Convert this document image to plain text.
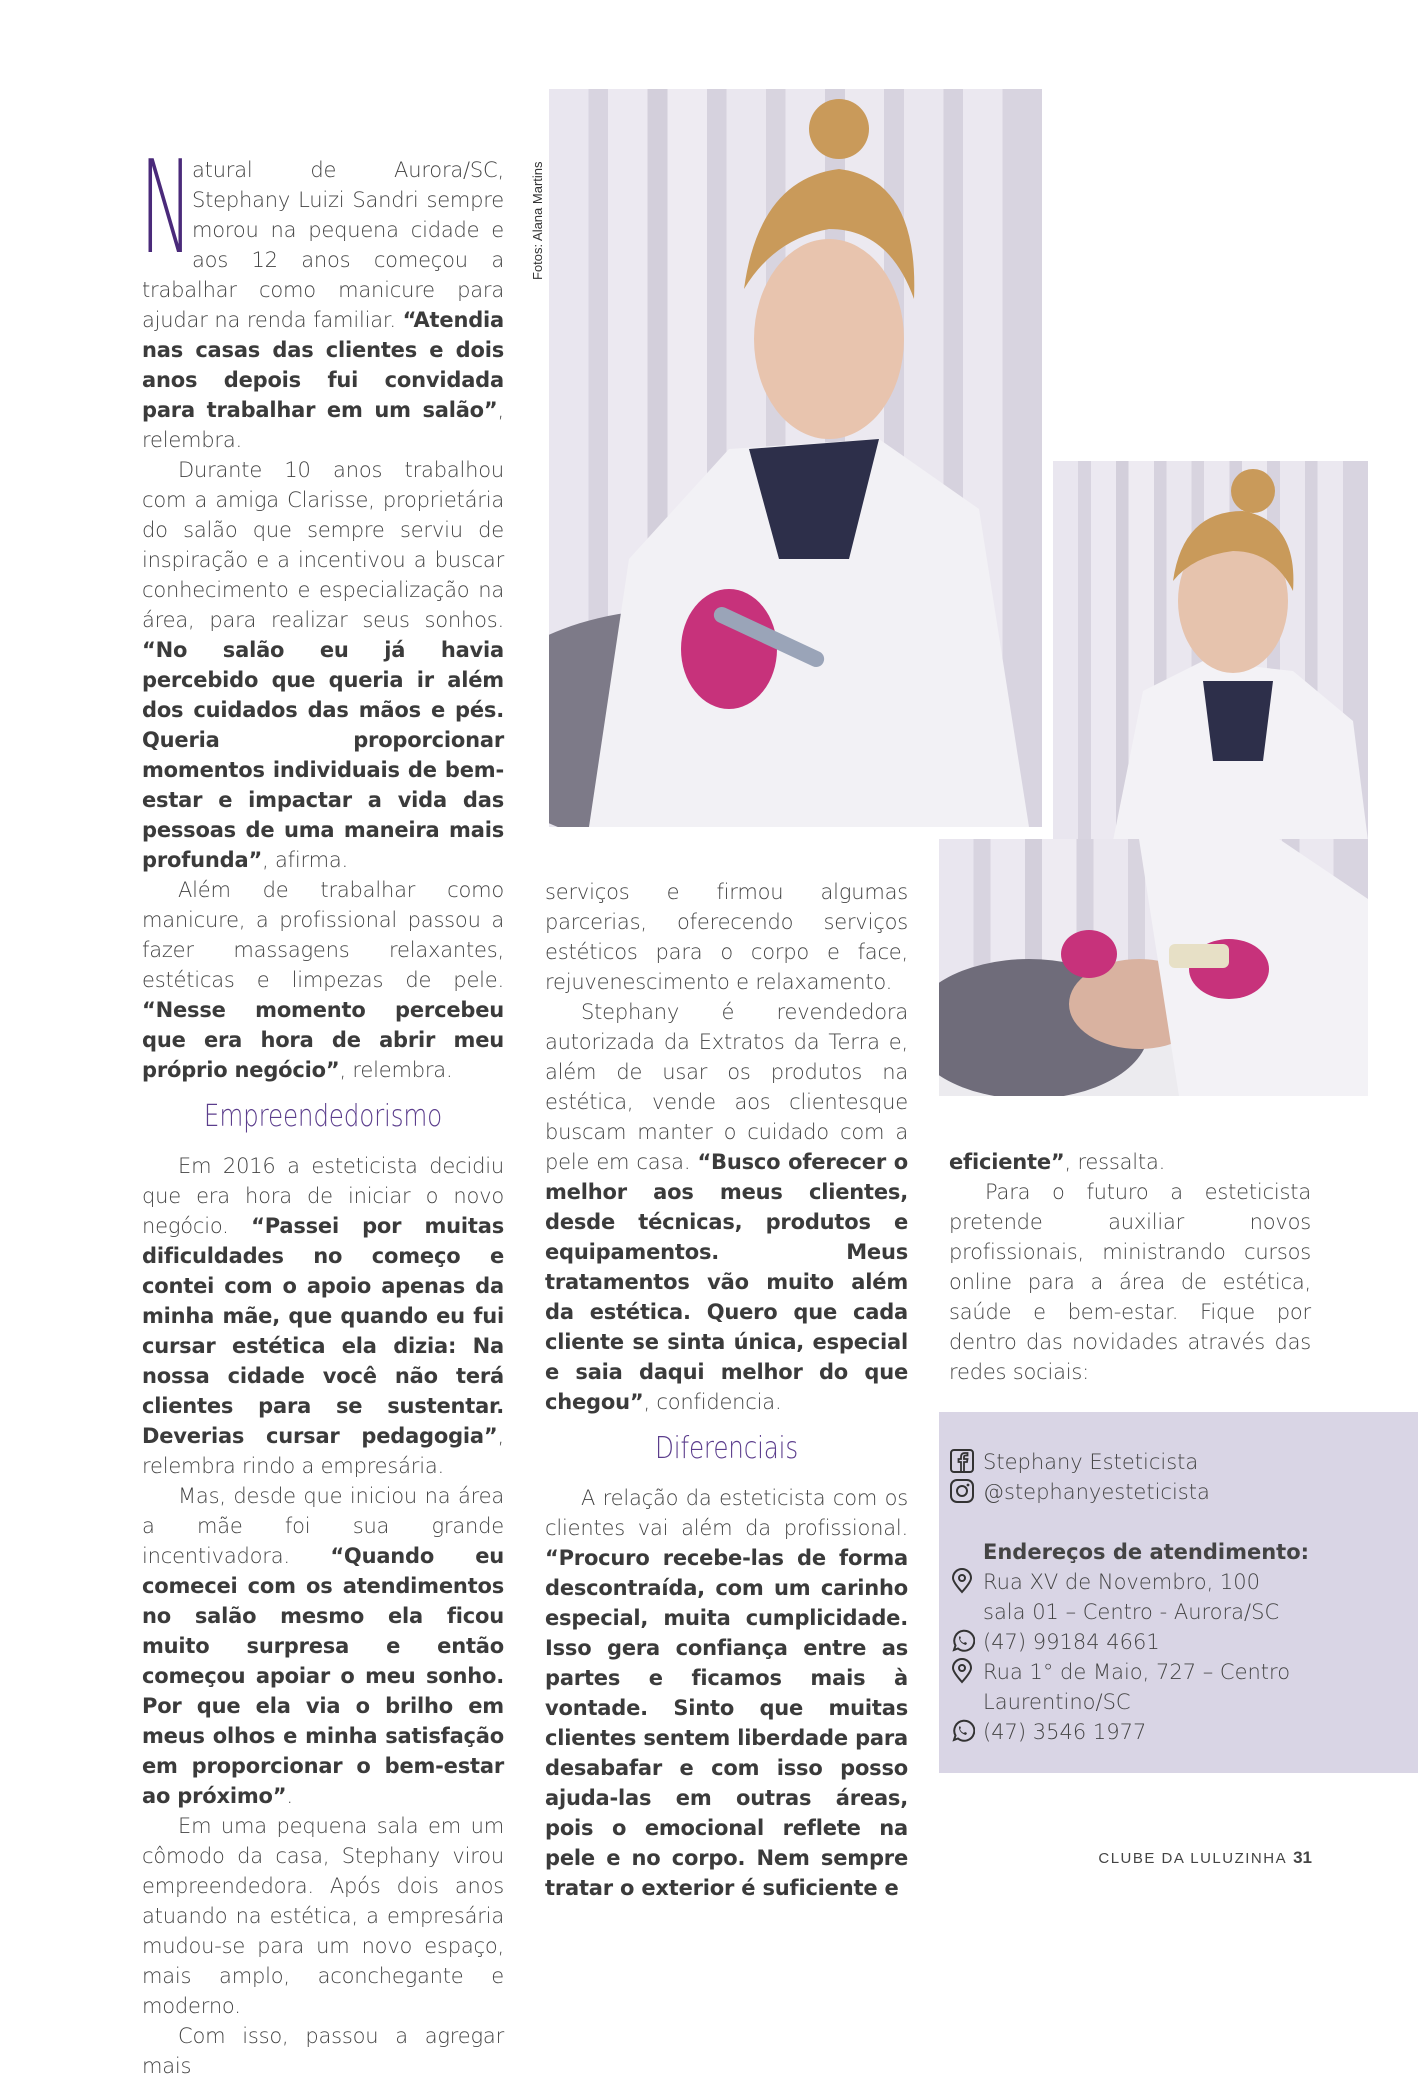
Natural de Aurora/SC, Stephany Luizi Sandri sempre morou na pequena cidade e aos 12 anos começou a trabalhar como manicure para ajudar na renda familiar. “Atendia nas casas das clientes e dois anos depois fui convidada para trabalhar em um salão”, relembra.

Durante 10 anos trabalhou com a amiga Clarisse, proprietária do salão que sempre serviu de inspiração e a incentivou a buscar conhecimento e especialização na área, para realizar seus sonhos. “No salão eu já havia percebido que queria ir além dos cuidados das mãos e pés. Queria proporcionar momentos individuais de bem-estar e impactar a vida das pessoas de uma maneira mais profunda”, afirma.

Além de trabalhar como manicure, a profissional passou a fazer massagens relaxantes, estéticas e limpezas de pele. “Nesse momento percebeu que era hora de abrir meu próprio negócio”, relembra.

Empreendedorismo

Em 2016 a esteticista decidiu que era hora de iniciar o novo negócio. “Passei por muitas dificuldades no começo e contei com o apoio apenas da minha mãe, que quando eu fui cursar estética ela dizia: Na nossa cidade você não terá clientes para se sustentar. Deverias cursar pedagogia”, relembra rindo a empresária.

Mas, desde que iniciou na área a mãe foi sua grande incentivadora. “Quando eu comecei com os atendimentos no salão mesmo ela ficou muito surpresa e então começou apoiar o meu sonho. Por que ela via o brilho em meus olhos e minha satisfação em proporcionar o bem-estar ao próximo”.

Em uma pequena sala em um cômodo da casa, Stephany virou empreendedora. Após dois anos atuando na estética, a empresária mudou-se para um novo espaço, mais amplo, aconchegante e moderno.

Com isso, passou a agregar mais

Fotos: Alana Martins

serviços e firmou algumas parcerias, oferecendo serviços estéticos para o corpo e face, rejuvenescimento e relaxamento.

Stephany é revendedora autorizada da Extratos da Terra e, além de usar os produtos na estética, vende aos clientesque buscam manter o cuidado com a pele em casa. “Busco oferecer o melhor aos meus clientes, desde técnicas, produtos e equipamentos. Meus tratamentos vão muito além da estética. Quero que cada cliente se sinta única, especial e saia daqui melhor do que chegou”, confidencia.

Diferenciais

A relação da esteticista com os clientes vai além da profissional. “Procuro recebe-las de forma descontraída, com um carinho especial, muita cumplicidade. Isso gera confiança entre as partes e ficamos mais à vontade. Sinto que muitas clientes sentem liberdade para desabafar e com isso posso ajuda-las em outras áreas, pois o emocional reflete na pele e no corpo. Nem sempre tratar o exterior é suficiente e

eficiente”, ressalta.

Para o futuro a esteticista pretende auxiliar novos profissionais, ministrando cursos online para a área de estética, saúde e bem-estar. Fique por dentro das novidades através das redes sociais:

Stephany Esteticista
@stephanyesteticista
Endereços de atendimento:
Rua XV de Novembro, 100
sala 01 – Centro - Aurora/SC
(47) 99184 4661
Rua 1° de Maio, 727 – Centro
Laurentino/SC
(47) 3546 1977
CLUBE DA LULUZINHA 31
